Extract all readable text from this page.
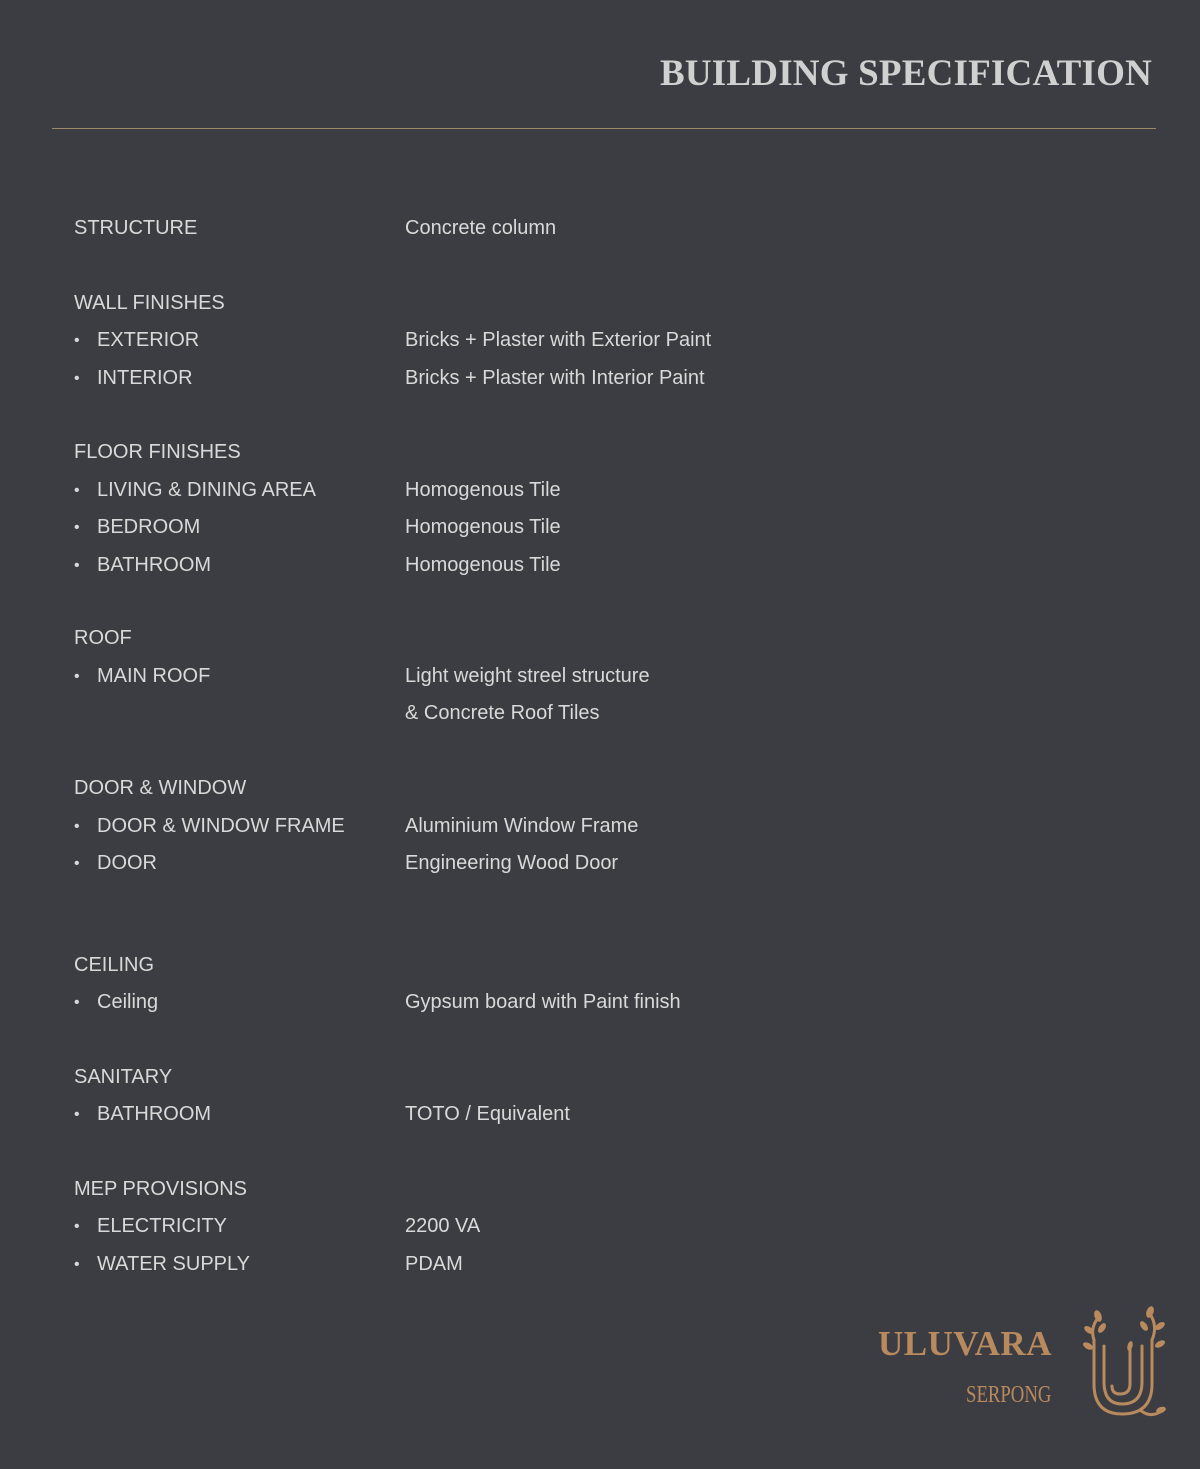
BUILDING SPECIFICATION
STRUCTURE	Concrete column
WALL FINISHES
• EXTERIOR	Bricks + Plaster with Exterior Paint
• INTERIOR	Bricks + Plaster with Interior Paint
FLOOR FINISHES
• LIVING & DINING AREA	Homogenous Tile
• BEDROOM	Homogenous Tile
• BATHROOM	Homogenous Tile
ROOF
• MAIN ROOF	Light weight streel structure
& Concrete Roof Tiles
DOOR & WINDOW
• DOOR & WINDOW FRAME	Aluminium Window Frame
• DOOR	Engineering Wood Door
CEILING
• Ceiling	Gypsum board with Paint finish
SANITARY
• BATHROOM	TOTO / Equivalent
MEP PROVISIONS
• ELECTRICITY	2200 VA
• WATER SUPPLY	PDAM
ULUVARA
SERPONG
